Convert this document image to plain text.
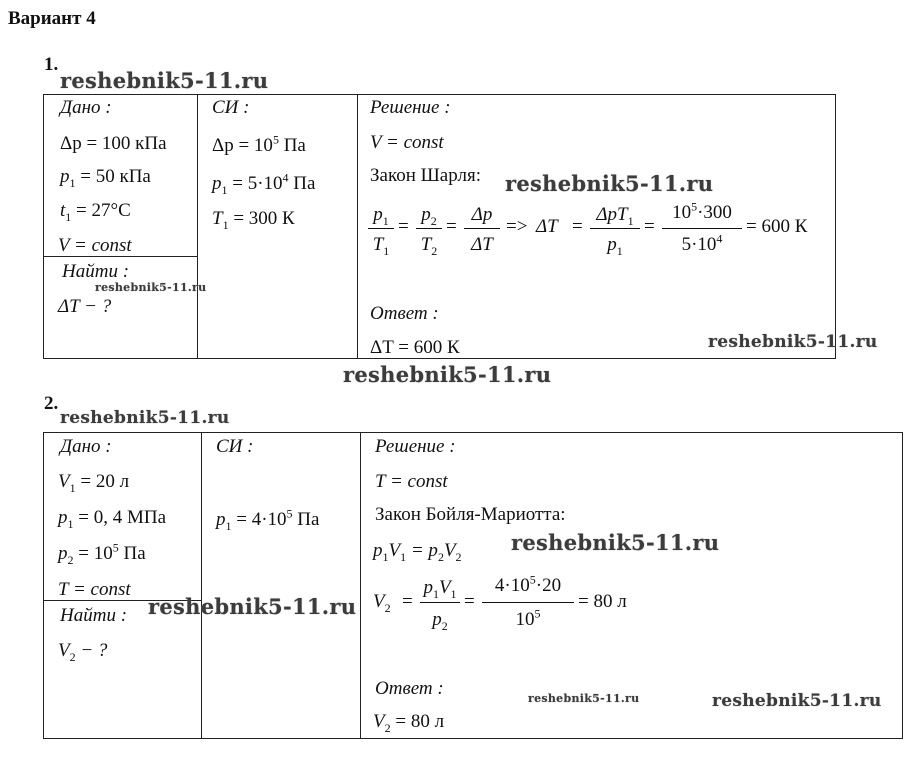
Вариант 4
1.
Дано :
Δp = 100 кПа
$p_1 = 50$ кПа
$t_1 = 27^\circ C$
V = const
Найти :
ΔT − ?
СИ :
$\Delta p = 10^5$ Па
$p_1 = 5\cdot 10^4$ Па
$T_1 = 300$ К
Решение :
V = const
Закон Шарля:
$p_1$
$T_1$
=
$p_2$
$T_2$
=
Δp
ΔT
=> ΔT =
ΔpT$_1$
$p_1$
=
$10^5\cdot 300$
$5\cdot 10^4$
= 600 К
Ответ :
ΔT = 600 К
2.
Дано :
$V_1 = 20$ л
$p_1 = 0$, 4 МПа
$p_2 = 10^5$ Па
T = const
Найти :
$V_2$ − ?
СИ :
$p_1 = 4\cdot 10^5$ Па
Решение :
T = const
Закон Бойля-Мариотта:
$p_1V_1 = p_2V_2$
$V_2$ =
$p_1V_1$
$p_2$
=
$4\cdot 10^5\cdot 20$
$10^5$
= 80 л
Ответ :
$V_2 = 80$ л
reshebnik5-11.ru
reshebnik5-11.ru
reshebnik5-11.ru
reshebnik5-11.ru
reshebnik5-11.ru
reshebnik5-11.ru
reshebnik5-11.ru
reshebnik5-11.ru
reshebnik5-11.ru	reshebnik5-11.ru
